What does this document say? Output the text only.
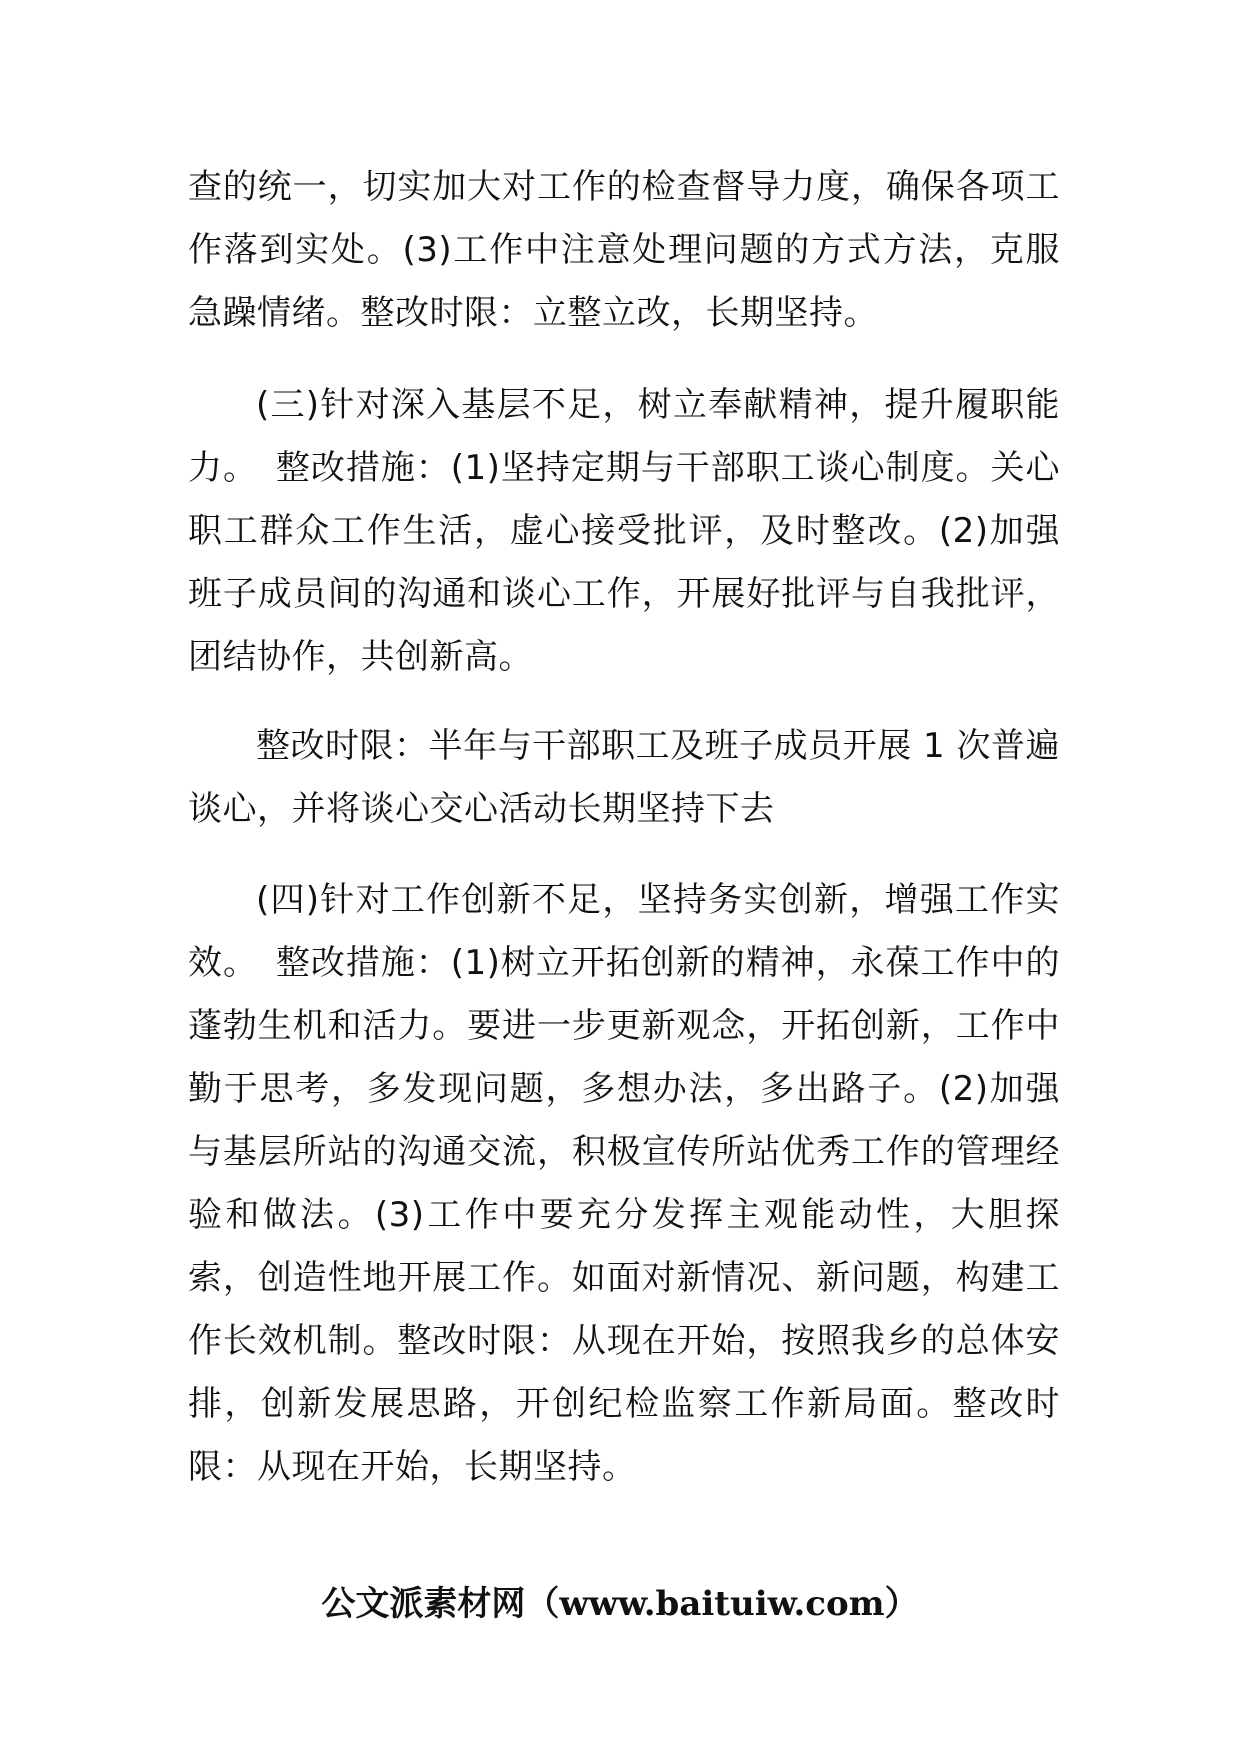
查的统一，切实加大对工作的检查督导力度，确保各项工作落到实处。(3)工作中注意处理问题的方式方法，克服急躁情绪。整改时限：立整立改，长期坚持。

(三)针对深入基层不足，树立奉献精神，提升履职能力。　整改措施：(1)坚持定期与干部职工谈心制度。关心职工群众工作生活，虚心接受批评，及时整改。(2)加强班子成员间的沟通和谈心工作，开展好批评与自我批评，团结协作，共创新高。

整改时限：半年与干部职工及班子成员开展 1 次普遍谈心，并将谈心交心活动长期坚持下去

(四)针对工作创新不足，坚持务实创新，增强工作实效。　整改措施：(1)树立开拓创新的精神，永葆工作中的蓬勃生机和活力。要进一步更新观念，开拓创新，工作中勤于思考，多发现问题，多想办法，多出路子。(2)加强与基层所站的沟通交流，积极宣传所站优秀工作的管理经验和做法。(3)工作中要充分发挥主观能动性，大胆探索，创造性地开展工作。如面对新情况、新问题，构建工作长效机制。整改时限：从现在开始，按照我乡的总体安排，创新发展思路，开创纪检监察工作新局面。整改时限：从现在开始，长期坚持。

公文派素材网（www.baituiw.com）
